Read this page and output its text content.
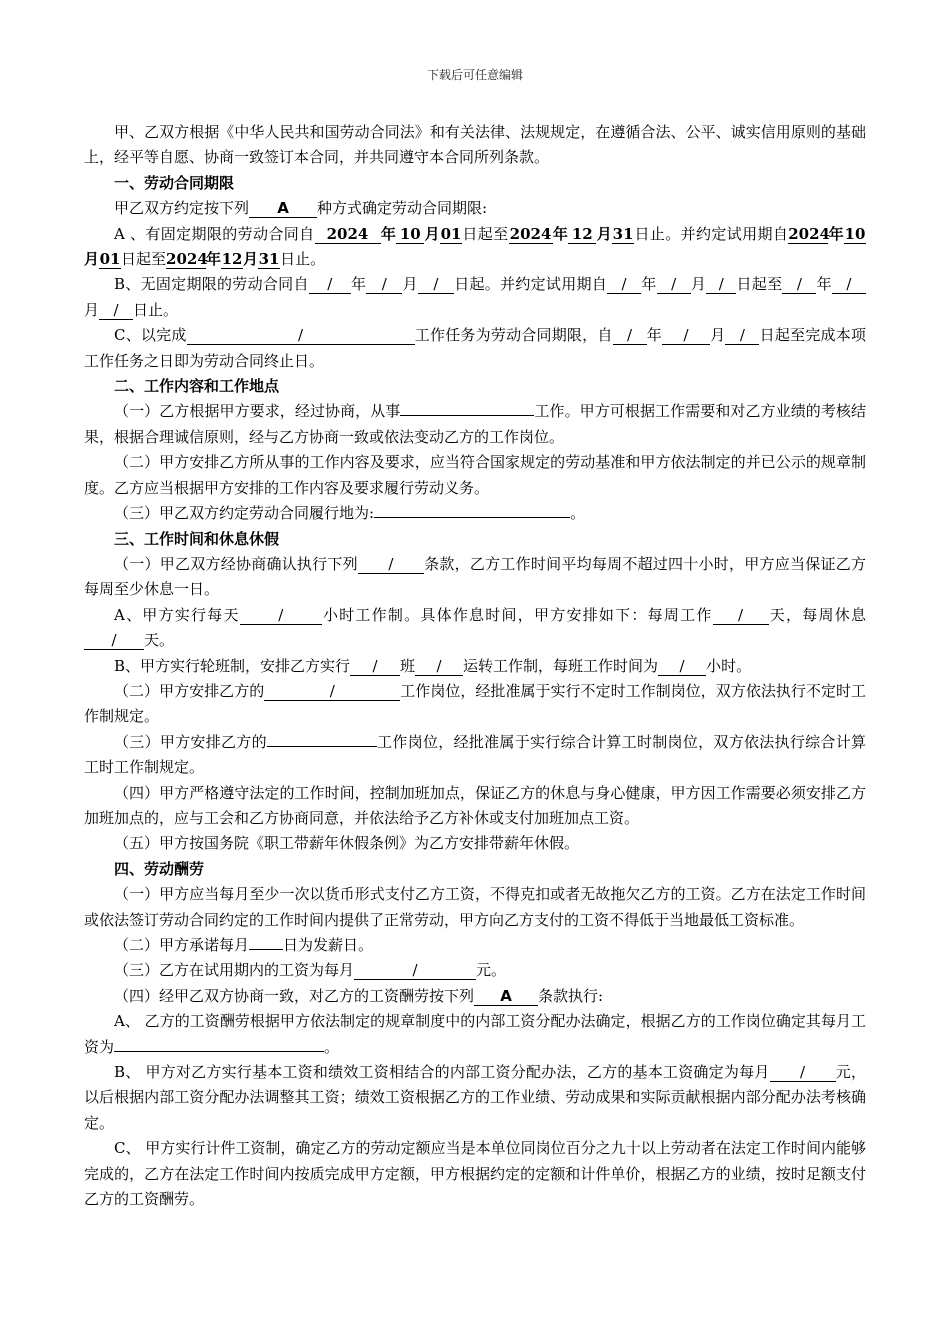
下载后可任意编辑

甲、乙双方根据《中华人民共和国劳动合同法》和有关法律、法规规定，在遵循合法、公平、诚实信用原则的基础上，经平等自愿、协商一致签订本合同，并共同遵守本合同所列条款。

一、劳动合同期限

甲乙双方约定按下列 A 种方式确定劳动合同期限:

A 、有固定期限的劳动合同自 2024 年 10 月01日起至2024年 12 月31日止。并约定试用期自2024年10月01日起至2024年12月31日止。

B、无固定期限的劳动合同自 / 年 / 月 / 日起。并约定试用期自 / 年 / 月 / 日起至 / 年 /月 / 日止。

C、以完成	/	工作任务为劳动合同期限，自 / 年 / 月 / 日起至完成本项工作任务之日即为劳动合同终止日。

二、工作内容和工作地点

（一）乙方根据甲方要求，经过协商，从事	工作。甲方可根据工作需要和对乙方业绩的考核结果，根据合理诚信原则，经与乙方协商一致或依法变动乙方的工作岗位。

（二）甲方安排乙方所从事的工作内容及要求，应当符合国家规定的劳动基准和甲方依法制定的并已公示的规章制度。乙方应当根据甲方安排的工作内容及要求履行劳动义务。

（三）甲乙双方约定劳动合同履行地为:	。

三、工作时间和休息休假

（一）甲乙双方经协商确认执行下列 / 条款，乙方工作时间平均每周不超过四十小时，甲方应当保证乙方每周至少休息一日。

A、甲方实行每天	/	小时工作制。具体作息时间，甲方安排如下：每周工作 / 天，每周休息/ 天。

B、甲方实行轮班制，安排乙方实行 / 班 / 运转工作制，每班工作时间为 / 小时。

（二）甲方安排乙方的	/	工作岗位，经批准属于实行不定时工作制岗位，双方依法执行不定时工作制规定。

（三）甲方安排乙方的	工作岗位，经批准属于实行综合计算工时制岗位，双方依法执行综合计算工时工作制规定。

（四）甲方严格遵守法定的工作时间，控制加班加点，保证乙方的休息与身心健康，甲方因工作需要必须安排乙方加班加点的，应与工会和乙方协商同意，并依法给予乙方补休或支付加班加点工资。

（五）甲方按国务院《职工带薪年休假条例》为乙方安排带薪年休假。

四、劳动酬劳

（一）甲方应当每月至少一次以货币形式支付乙方工资，不得克扣或者无故拖欠乙方的工资。乙方在法定工作时间或依法签订劳动合同约定的工作时间内提供了正常劳动，甲方向乙方支付的工资不得低于当地最低工资标准。

（二）甲方承诺每月 日为发薪日。

（三）乙方在试用期内的工资为每月	/	元。

（四）经甲乙双方协商一致，对乙方的工资酬劳按下列 A 条款执行:

A、 乙方的工资酬劳根据甲方依法制定的规章制度中的内部工资分配办法确定，根据乙方的工作岗位确定其每月工资为	。

B、 甲方对乙方实行基本工资和绩效工资相结合的内部工资分配办法，乙方的基本工资确定为每月 / 元，以后根据内部工资分配办法调整其工资；绩效工资根据乙方的工作业绩、劳动成果和实际贡献根据内部分配办法考核确定。

C、 甲方实行计件工资制，确定乙方的劳动定额应当是本单位同岗位百分之九十以上劳动者在法定工作时间内能够完成的，乙方在法定工作时间内按质完成甲方定额，甲方根据约定的定额和计件单价，根据乙方的业绩，按时足额支付乙方的工资酬劳。
